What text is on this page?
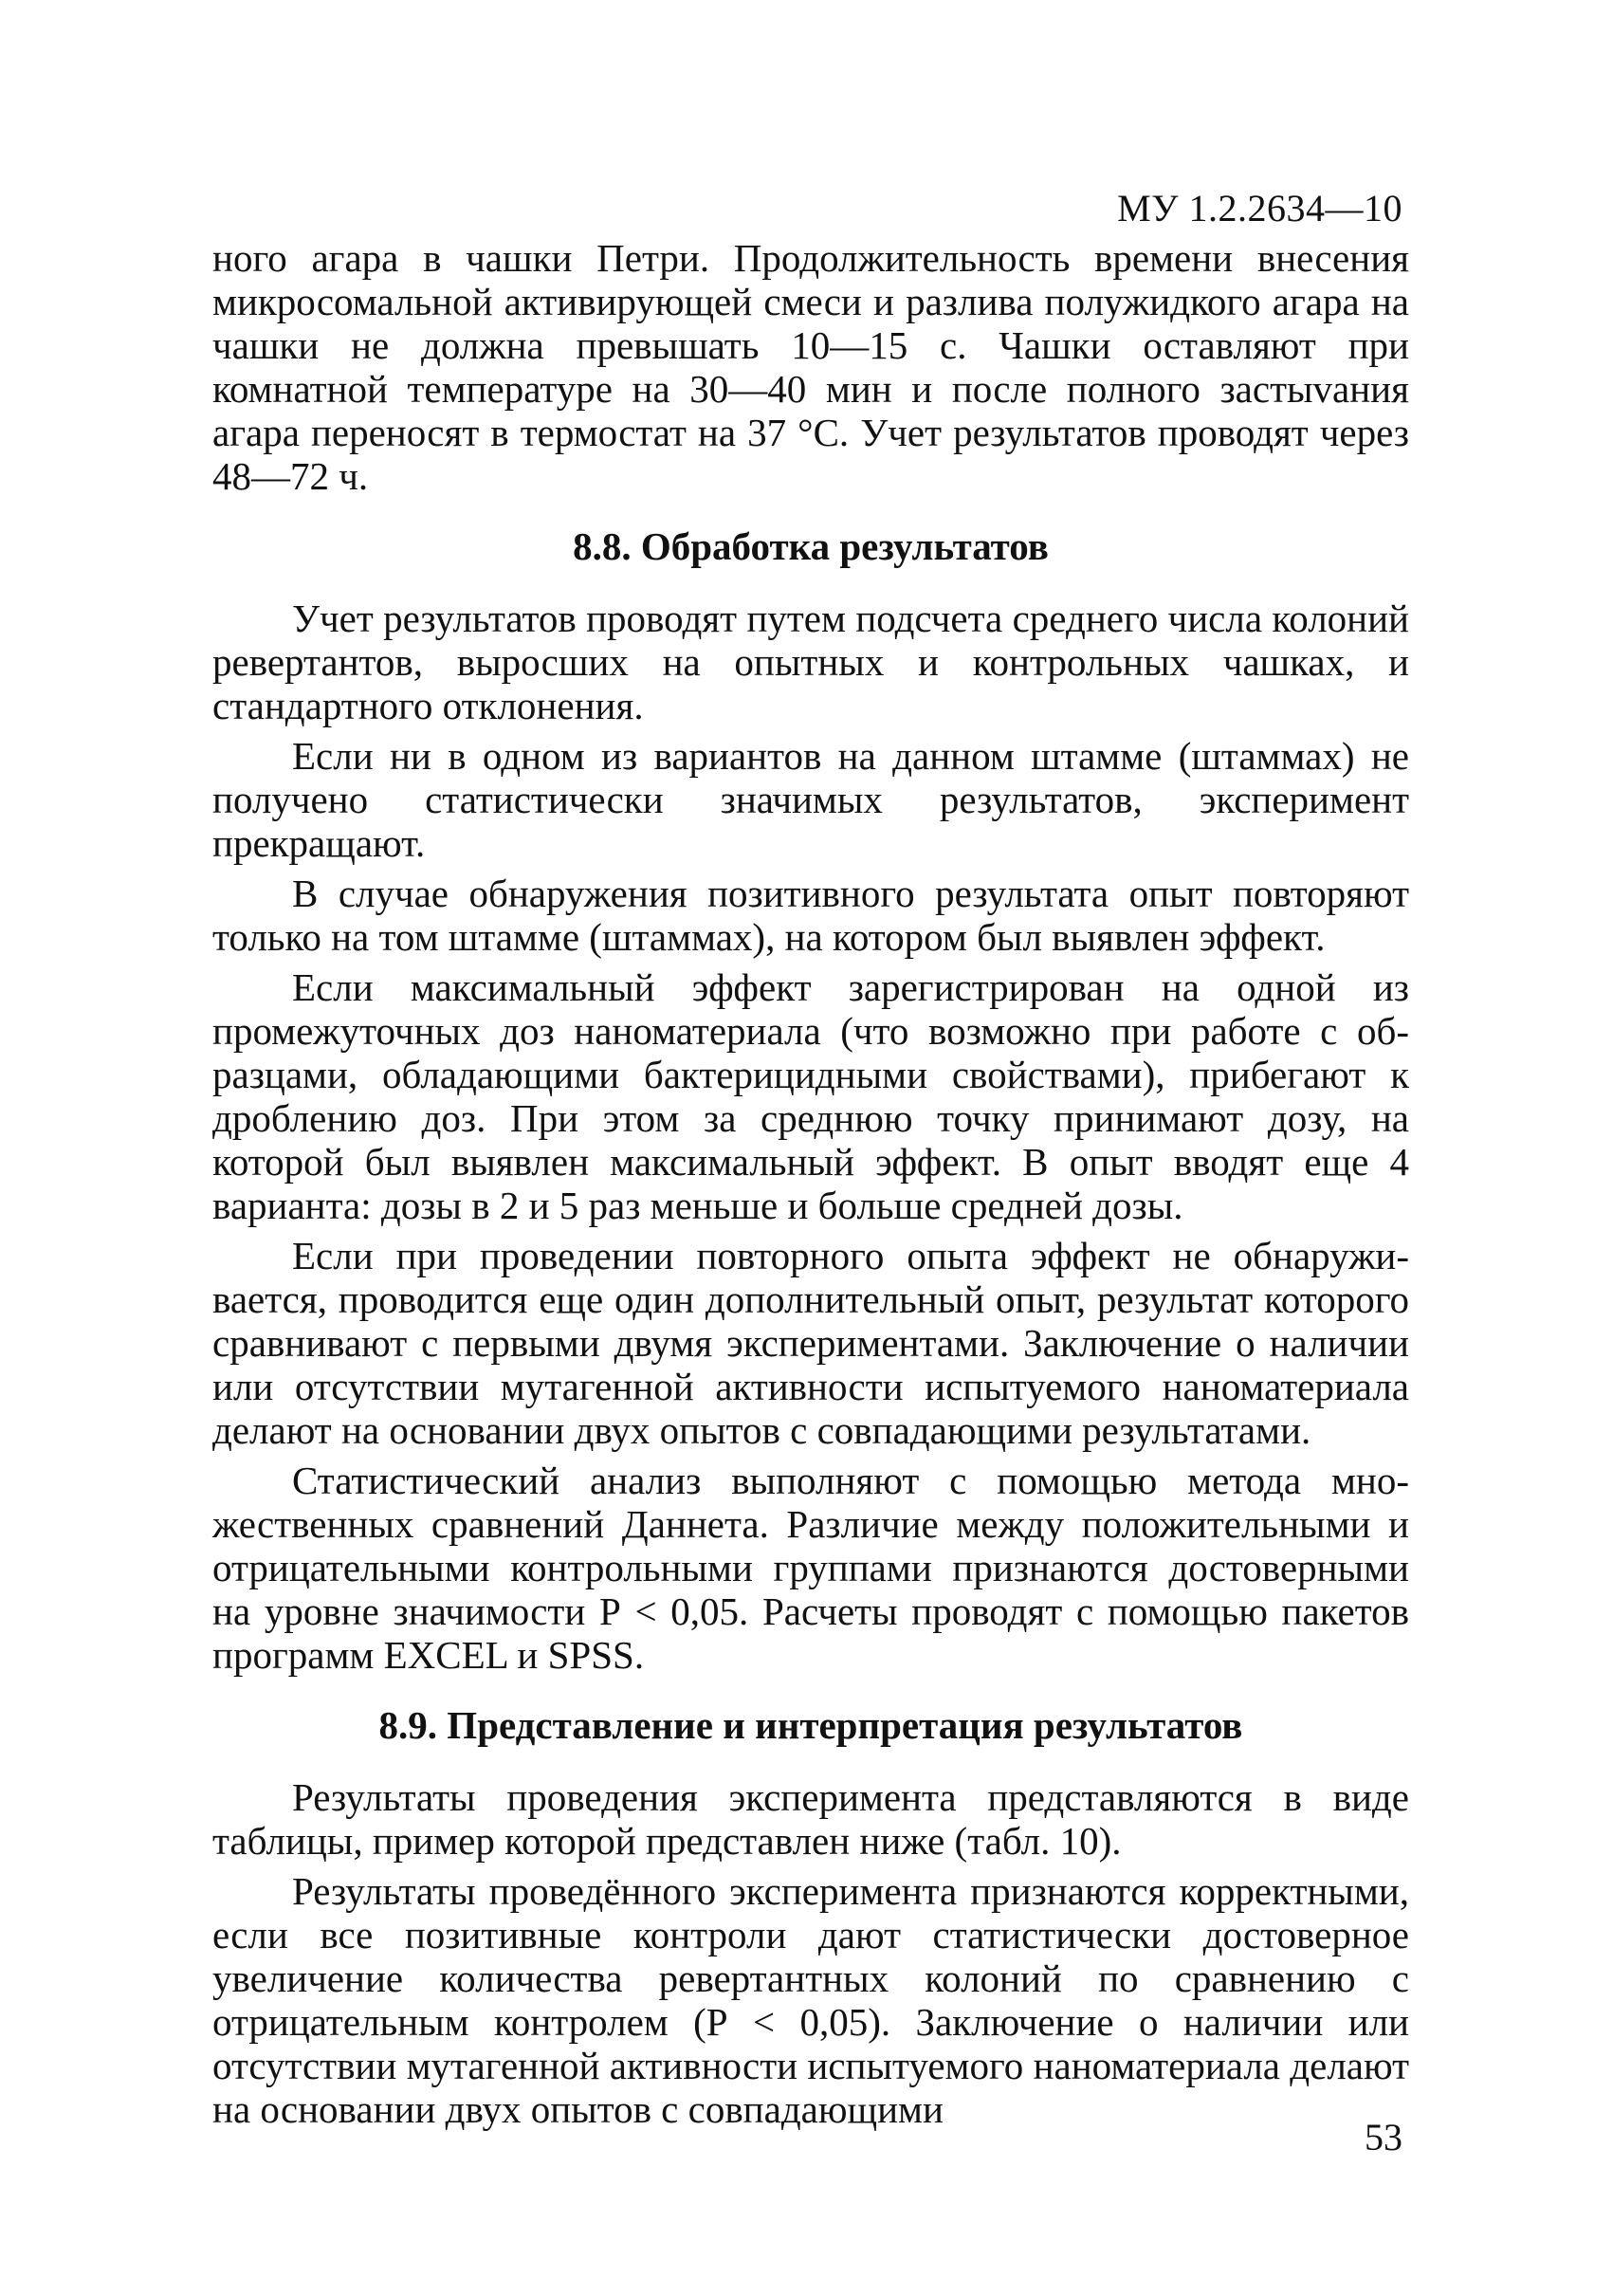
МУ 1.2.2634—10

ного агара в чашки Петри. Продолжительность времени внесения микросомальной активирующей смеси и разлива полужидкого агара на чашки не должна превышать 10—15 с. Чашки оставляют при комнатной температуре на 30—40 мин и после полного застыvания агара переносят в термостат на 37 °С. Учет результатов проводят через 48—72 ч.

8.8. Обработка результатов

Учет результатов проводят путем подсчета среднего числа колоний ревертантов, выросших на опытных и контрольных чашках, и стандартного отклонения.

Если ни в одном из вариантов на данном штамме (штаммах) не получено статистически значимых результатов, эксперимент прекращают.

В случае обнаружения позитивного результата опыт повторяют только на том штамме (штаммах), на котором был выявлен эффект.

Если максимальный эффект зарегистрирован на одной из промежуточных доз наноматериала (что возможно при работе с образцами, обладающими бактерицидными свойствами), прибегают к дроблению доз. При этом за среднюю точку принимают дозу, на которой был выявлен максимальный эффект. В опыт вводят еще 4 варианта: дозы в 2 и 5 раз меньше и больше средней дозы.

Если при проведении повторного опыта эффект не обнаруживается, проводится еще один дополнительный опыт, результат которого сравнивают с первыми двумя экспериментами. Заключение о наличии или отсутствии мутагенной активности испытуемого наноматериала делают на основании двух опытов с совпадающими результатами.

Статистический анализ выполняют с помощью метода множественных сравнений Даннета. Различие между положительными и отрицательными контрольными группами признаются достоверными на уровне значимости Р < 0,05. Расчеты проводят с помощью пакетов программ EXCEL и SPSS.

8.9. Представление и интерпретация результатов

Результаты проведения эксперимента представляются в виде таблицы, пример которой представлен ниже (табл. 10).

Результаты проведённого эксперимента признаются корректными, если все позитивные контроли дают статистически достоверное увеличение количества ревертантных колоний по сравнению с отрицательным контролем (Р < 0,05). Заключение о наличии или отсутствии мутагенной активности испытуемого наноматериала делают на основании двух опытов с совпадающими

53
